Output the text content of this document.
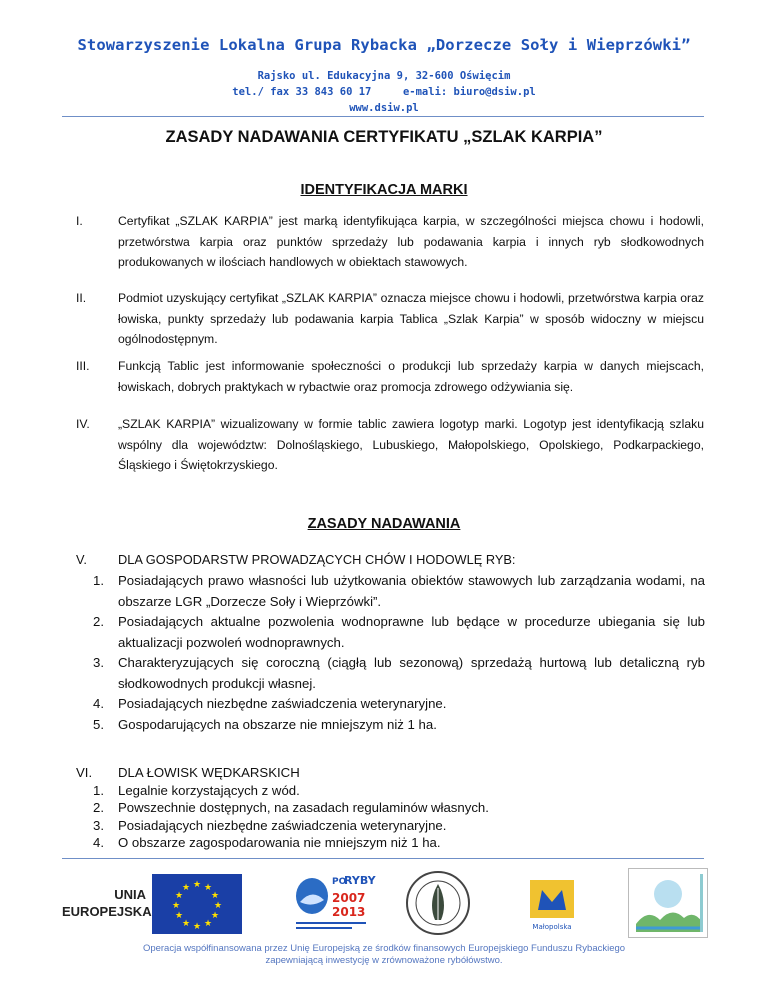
Stowarzyszenie Lokalna Grupa Rybacka „Dorzecze Soły i Wieprzówki”
Rajsko ul. Edukacyjna 9, 32-600 Oświęcim
tel./ fax 33 843 60 17     e-mali: biuro@dsiw.pl
www.dsiw.pl
ZASADY NADAWANIA CERTYFIKATU „SZLAK KARPIA”
IDENTYFIKACJA MARKI
I.	Certyfikat „SZLAK KARPIA” jest marką identyfikująca karpia, w szczególności miejsca chowu i hodowli, przetwórstwa karpia oraz punktów sprzedaży lub podawania karpia i innych ryb słodkowodnych produkowanych w ilościach handlowych w obiektach stawowych.
II.	Podmiot uzyskujący certyfikat „SZLAK KARPIA” oznacza miejsce chowu i hodowli, przetwórstwa karpia oraz łowiska, punkty sprzedaży lub podawania karpia Tablica „Szlak Karpia” w sposób widoczny w miejscu ogólnodostępnym.
III. Funkcją Tablic jest informowanie społeczności o produkcji lub sprzedaży karpia w danych miejscach, łowiskach, dobrych praktykach w rybactwie oraz promocja zdrowego odżywiania się.
IV. „SZLAK KARPIA” wizualizowany w formie tablic zawiera logotyp marki. Logotyp jest identyfikacją szlaku wspólny dla województw: Dolnośląskiego, Lubuskiego, Małopolskiego, Opolskiego, Podkarpackiego, Śląskiego i Świętokrzyskiego.
ZASADY NADAWANIA
V. DLA GOSPODARSTW PROWADZĄCYCH CHÓW I HODOWLĘ RYB:
1. Posiadających prawo własności lub użytkowania obiektów stawowych lub zarządzania wodami, na obszarze LGR „Dorzecze Soły i Wieprzówki”.
2. Posiadających aktualne pozwolenia wodnoprawne lub będące w procedurze ubiegania się lub aktualizacji pozwoleń wodnoprawnych.
3. Charakteryzujących się coroczną (ciągłą lub sezonową) sprzedażą hurtową lub detaliczną ryb słodkowodnych produkcji własnej.
4. Posiadających niezbędne zaświadczenia weterynaryjne.
5. Gospodarujących na obszarze nie mniejszym niż 1 ha.
VI. DLA ŁOWISK WĘDKARSKICH
1. Legalnie korzystających z wód.
2. Powszechnie dostępnych, na zasadach regulaminów własnych.
3. Posiadających niezbędne zaświadczenia weterynaryjne.
4. O obszarze zagospodarowania nie mniejszym niż 1 ha.
UNIA
EUROPEJSKA
★ ★
★
★
★
★
★
★
★
★
★
★
PO
RYBY
2007
2013
Małopolska
Operacja współfinansowana przez Unię Europejską ze środków finansowych Europejskiego Funduszu Rybackiego
zapewniającą inwestycję w zrównoważone rybółówstwo.
